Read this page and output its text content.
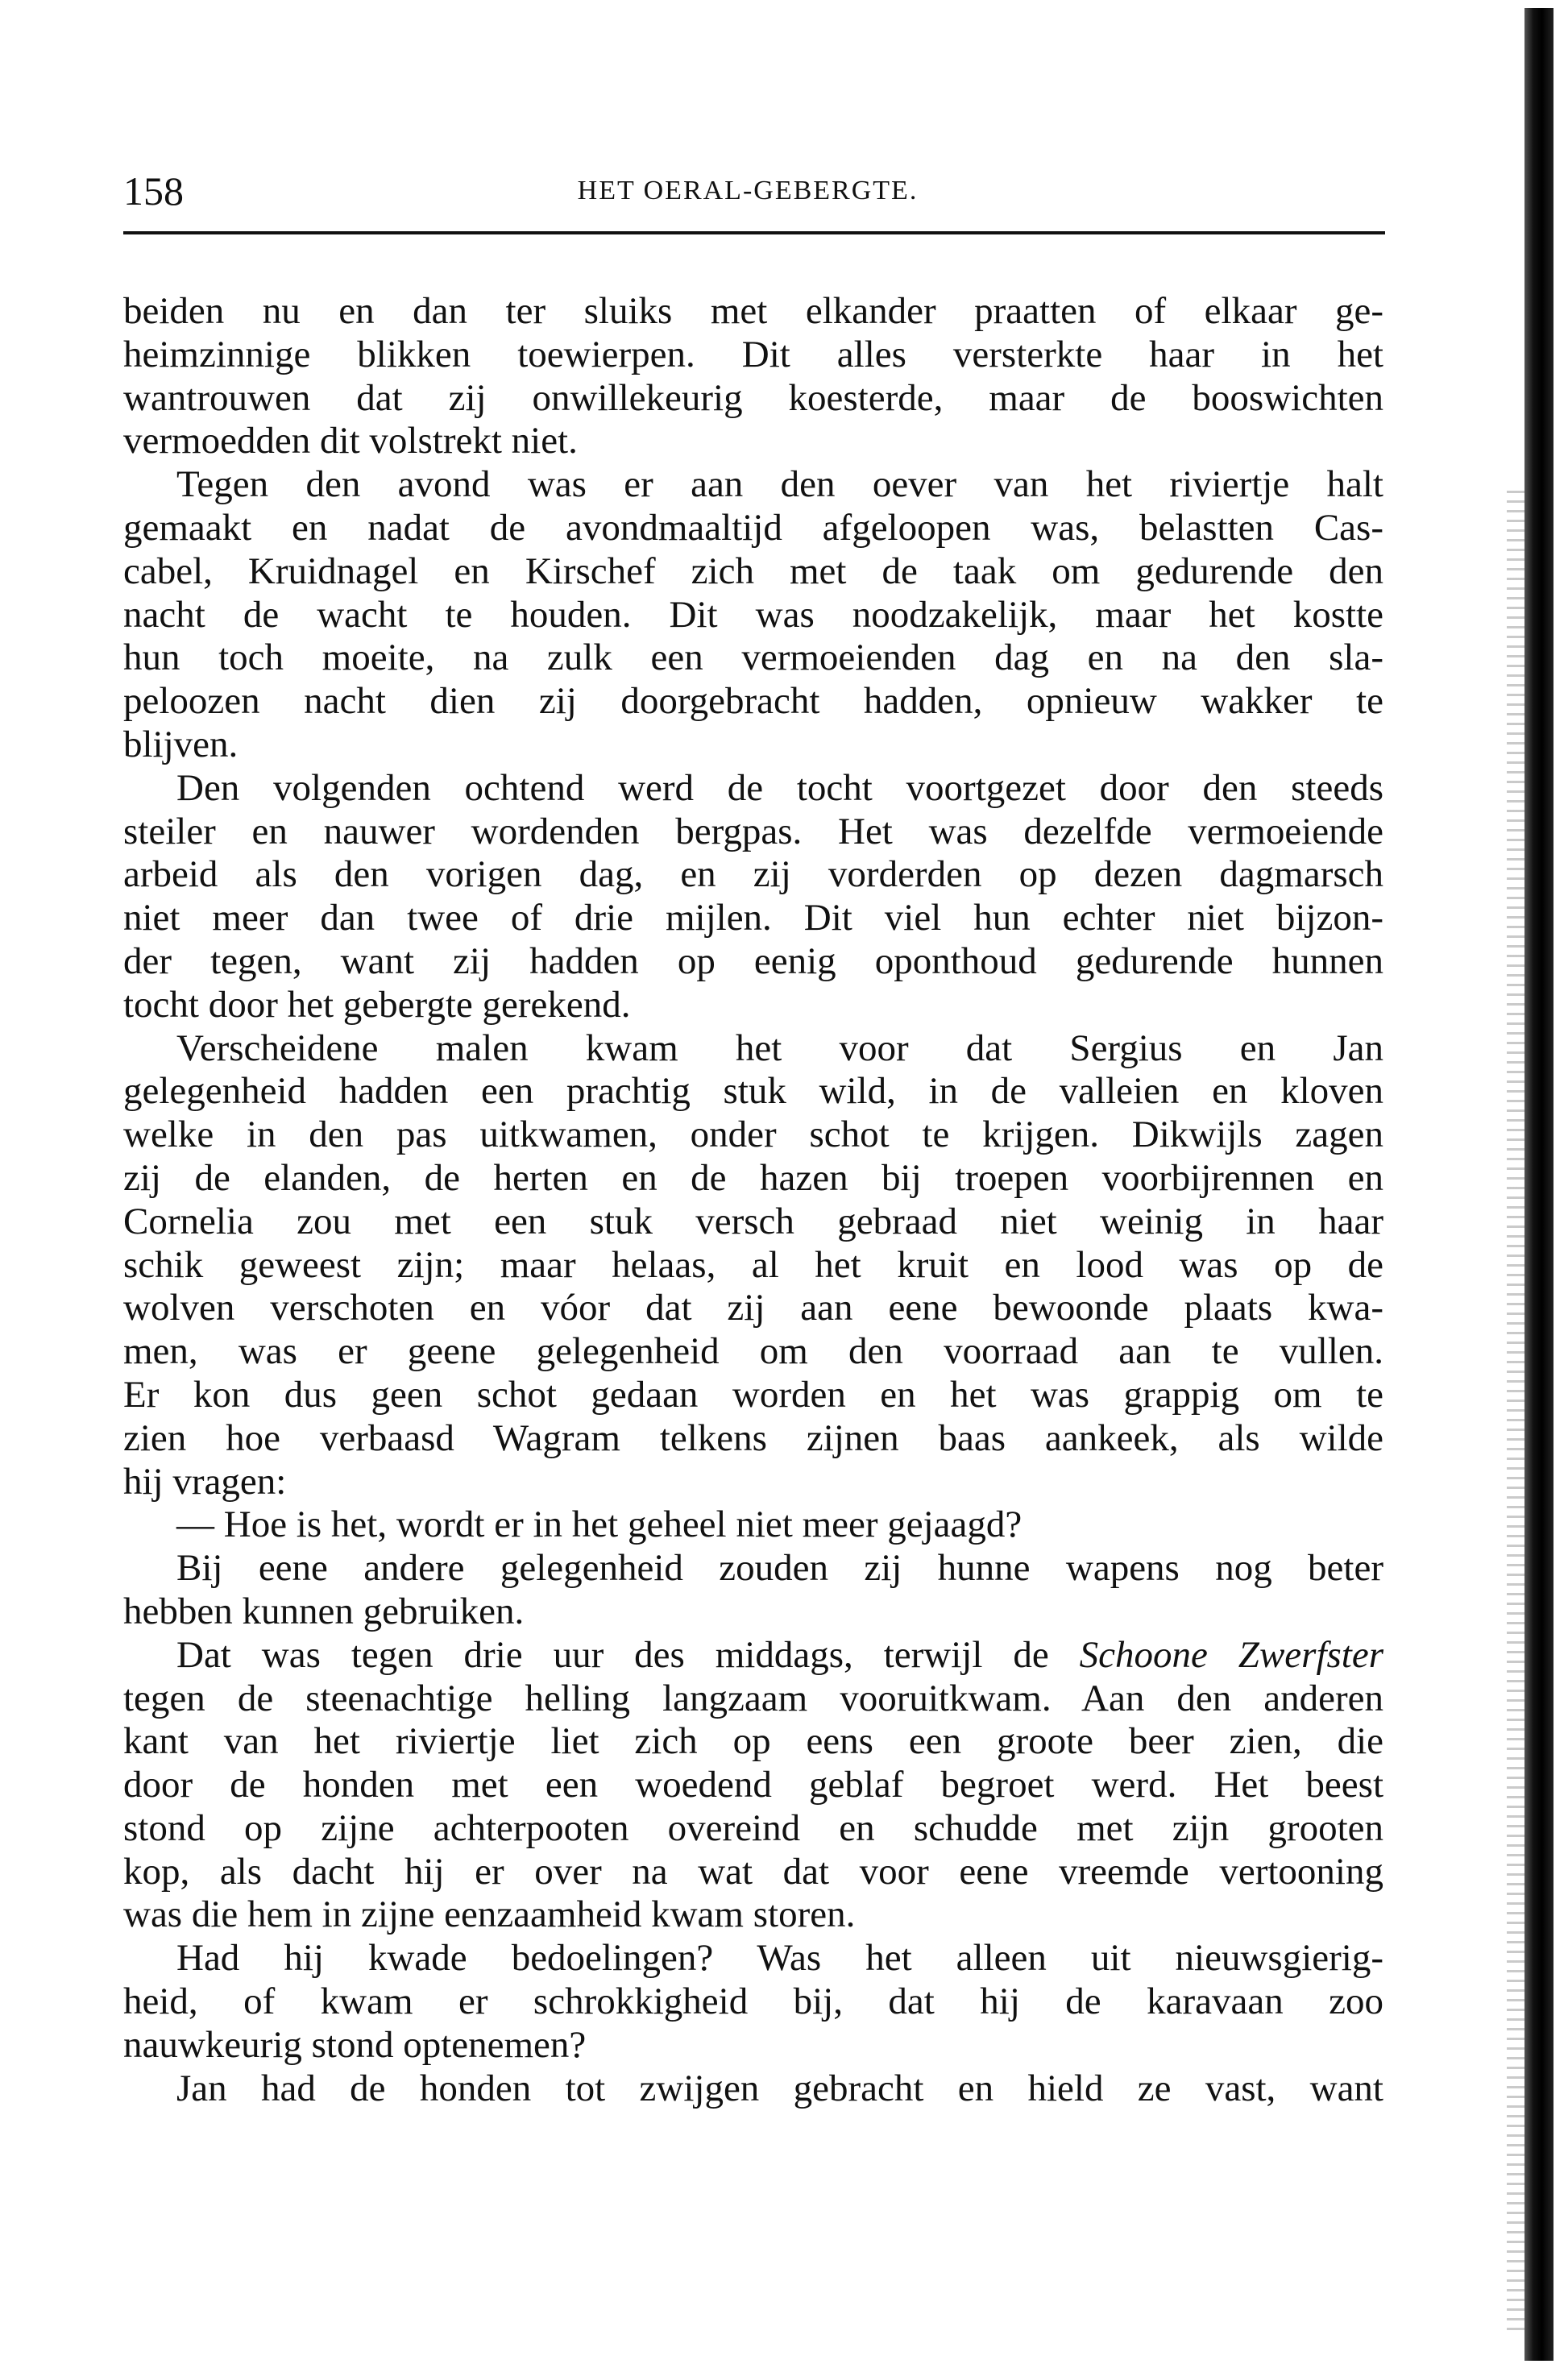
158	HET OERAL-GEBERGTE.
beiden nu en dan ter sluiks met elkander praatten of elkaar ge-
heimzinnige blikken toewierpen. Dit alles versterkte haar in het
wantrouwen dat zij onwillekeurig koesterde, maar de booswichten
vermoedden dit volstrekt niet.
Tegen den avond was er aan den oever van het riviertje halt
gemaakt en nadat de avondmaaltijd afgeloopen was, belastten Cas-
cabel, Kruidnagel en Kirschef zich met de taak om gedurende den
nacht de wacht te houden. Dit was noodzakelijk, maar het kostte
hun toch moeite, na zulk een vermoeienden dag en na den sla-
peloozen nacht dien zij doorgebracht hadden, opnieuw wakker te
blijven.
Den volgenden ochtend werd de tocht voortgezet door den steeds
steiler en nauwer wordenden bergpas. Het was dezelfde vermoeiende
arbeid als den vorigen dag, en zij vorderden op dezen dagmarsch
niet meer dan twee of drie mijlen. Dit viel hun echter niet bijzon-
der tegen, want zij hadden op eenig oponthoud gedurende hunnen
tocht door het gebergte gerekend.
Verscheidene malen kwam het voor dat Sergius en Jan
gelegenheid hadden een prachtig stuk wild, in de valleien en kloven
welke in den pas uitkwamen, onder schot te krijgen. Dikwijls zagen
zij de elanden, de herten en de hazen bij troepen voorbijrennen en
Cornelia zou met een stuk versch gebraad niet weinig in haar
schik geweest zijn; maar helaas, al het kruit en lood was op de
wolven verschoten en vóor dat zij aan eene bewoonde plaats kwa-
men, was er geene gelegenheid om den voorraad aan te vullen.
Er kon dus geen schot gedaan worden en het was grappig om te
zien hoe verbaasd Wagram telkens zijnen baas aankeek, als wilde
hij vragen:
— Hoe is het, wordt er in het geheel niet meer gejaagd?
Bij eene andere gelegenheid zouden zij hunne wapens nog beter
hebben kunnen gebruiken.
Dat was tegen drie uur des middags, terwijl de Schoone Zwerfster
tegen de steenachtige helling langzaam vooruitkwam. Aan den anderen
kant van het riviertje liet zich op eens een groote beer zien, die
door de honden met een woedend geblaf begroet werd. Het beest
stond op zijne achterpooten overeind en schudde met zijn grooten
kop, als dacht hij er over na wat dat voor eene vreemde vertooning
was die hem in zijne eenzaamheid kwam storen.
Had hij kwade bedoelingen? Was het alleen uit nieuwsgierig-
heid, of kwam er schrokkigheid bij, dat hij de karavaan zoo
nauwkeurig stond optenemen?
Jan had de honden tot zwijgen gebracht en hield ze vast, want
